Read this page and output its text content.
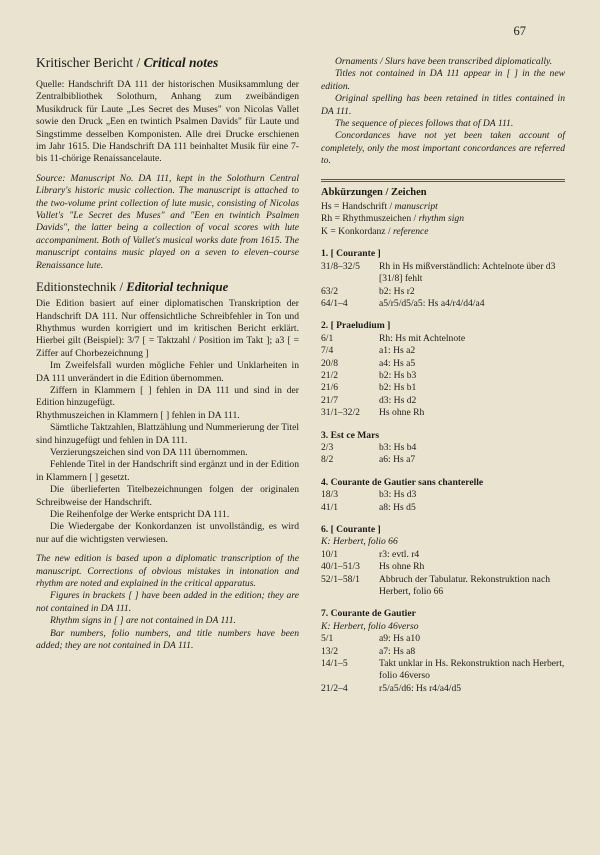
67
Kritischer Bericht / Critical notes

Quelle: Handschrift DA 111 der historischen Musiksammlung der Zentralbibliothek Solothurn, Anhang zum zweibändigen Musikdruck für Laute „Les Secret des Muses" von Nicolas Vallet sowie den Druck „Een en twintich Psalmen Davids" für Laute und Singstimme desselben Komponisten. Alle drei Drucke erschienen im Jahr 1615. Die Handschrift DA 111 beinhaltet Musik für eine 7- bis 11-chörige Renaissancelaute.

Source: Manuscript No. DA 111, kept in the Solothurn Central Library's historic music collection. The manuscript is attached to the two-volume print collection of lute music, consisting of Nicolas Vallet's "Le Secret des Muses" and "Een en twintich Psalmen Davids", the latter being a collection of vocal scores with lute accompaniment. Both of Vallet's musical works date from 1615. The manuscript contains music played on a seven to eleven–course Renaissance lute.

Editionstechnik / Editorial technique

Die Edition basiert auf einer diplomatischen Transkription der Handschrift DA 111. Nur offensichtliche Schreibfehler in Ton und Rhythmus wurden korrigiert und im kritischen Bericht erklärt. Hierbei gilt (Beispiel): 3/7 [ = Taktzahl / Position im Takt ]; a3 [ = Ziffer auf Chorbezeichnung ]

Im Zweifelsfall wurden mögliche Fehler und Unklarheiten in DA 111 unverändert in die Edition übernommen.

Ziffern in Klammern [ ] fehlen in DA 111 und sind in der Edition hinzugefügt.

Rhythmuszeichen in Klammern [ ] fehlen in DA 111.

Sämtliche Taktzahlen, Blattzählung und Nummerierung der Titel sind hinzugefügt und fehlen in DA 111.

Verzierungszeichen sind von DA 111 übernommen.

Fehlende Titel in der Handschrift sind ergänzt und in der Edition in Klammern [ ] gesetzt.

Die überlieferten Titelbezeichnungen folgen der originalen Schreibweise der Handschrift.

Die Reihenfolge der Werke entspricht DA 111.

Die Wiedergabe der Konkordanzen ist unvollständig, es wird nur auf die wichtigsten verwiesen.

The new edition is based upon a diplomatic transcription of the manuscript. Corrections of obvious mistakes in intonation and rhythm are noted and explained in the critical apparatus.

Figures in brackets [ ] have been added in the edition; they are not contained in DA 111.

Rhythm signs in [ ] are not contained in DA 111.

Bar numbers, folio numbers, and title numbers have been added; they are not contained in DA 111.

Ornaments / Slurs have been transcribed diplomatically.

Titles not contained in DA 111 appear in [ ] in the new edition.

Original spelling has been retained in titles contained in DA 111.

The sequence of pieces follows that of DA 111.

Concordances have not yet been taken account of completely, only the most important concordances are referred to.

Abkürzungen / Zeichen

Hs = Handschrift / manuscript

Rh = Rhythmuszeichen / rhythm sign

K = Konkordanz / reference

1. [ Courante ]

31/8–32/5	Rh in Hs mißverständlich: Achtelnote über d3 [31/8] fehlt
63/2	b2: Hs r2
64/1–4	a5/r5/d5/a5: Hs a4/r4/d4/a4

2. [ Praeludium ]

6/1	Rh: Hs mit Achtelnote
7/4	a1: Hs a2
20/8	a4: Hs a5
21/2	b2: Hs b3
21/6	b2: Hs b1
21/7	d3: Hs d2
31/1–32/2	Hs ohne Rh

3. Est ce Mars

2/3	b3: Hs b4
8/2	a6: Hs a7

4. Courante de Gautier sans chanterelle

18/3	b3: Hs d3
41/1	a8: Hs d5

6. [ Courante ]

K: Herbert, folio 66

10/1	r3: evtl. r4
40/1–51/3	Hs ohne Rh
52/1–58/1	Abbruch der Tabulatur. Rekonstruktion nach Herbert, folio 66

7. Courante de Gautier

K: Herbert, folio 46verso

5/1	a9: Hs a10
13/2	a7: Hs a8
14/1–5	Takt unklar in Hs. Rekonstruktion nach Herbert, folio 46verso
21/2–4	r5/a5/d6: Hs r4/a4/d5
